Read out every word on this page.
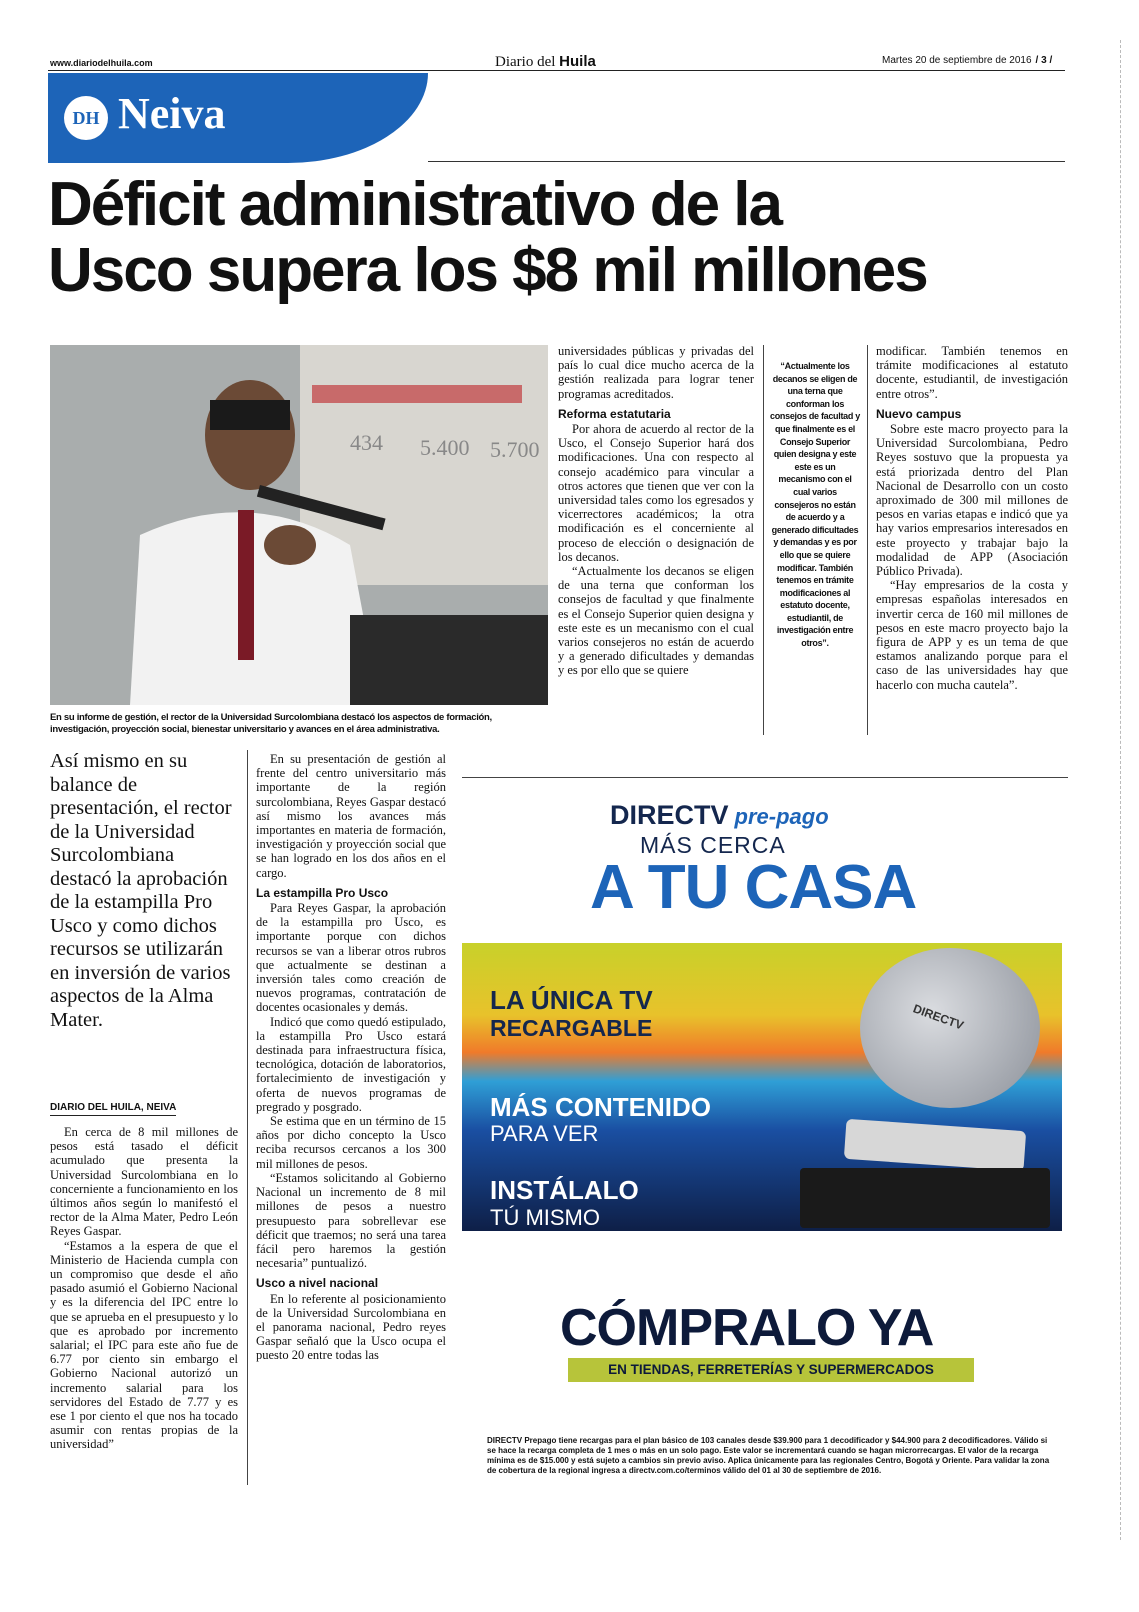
www.diariodelhuila.com	Diario del Huila	Martes 20 de septiembre de 2016 / 3 /
DH Neiva
Déficit administrativo de la
Usco supera los $8 mil millones
434 5.400 5.700
En su informe de gestión, el rector de la Universidad Surcolombiana destacó los aspectos de formación, investigación, proyección social, bienestar universitario y avances en el área administrativa.
Así mismo en su balance de presentación, el rector de la Universidad Surcolombiana destacó la aprobación de la estampilla Pro Usco y como dichos recursos se utilizarán en inversión de varios aspectos de la Alma Mater.
DIARIO DEL HUILA, NEIVA

En cerca de 8 mil millones de pesos está tasado el déficit acumulado que presenta la Universidad Surcolombiana en lo concerniente a funcionamiento en los últimos años según lo manifestó el rector de la Alma Mater, Pedro León Reyes Gaspar.

“Estamos a la espera de que el Ministerio de Hacienda cumpla con un compromiso que desde el año pasado asumió el Gobierno Nacional y es la diferencia del IPC entre lo que se aprueba en el presupuesto y lo que es aprobado por incremento salarial; el IPC para este año fue de 6.77 por ciento sin embargo el Gobierno Nacional autorizó un incremento salarial para los servidores del Estado de 7.77 y es ese 1 por ciento el que nos ha tocado asumir con rentas propias de la universidad”

En su presentación de gestión al frente del centro universitario más importante de la región surcolombiana, Reyes Gaspar destacó así mismo los avances más importantes en materia de formación, investigación y proyección social que se han logrado en los dos años en el cargo.

La estampilla Pro Usco

Para Reyes Gaspar, la aprobación de la estampilla pro Usco, es importante porque con dichos recursos se van a liberar otros rubros que actualmente se destinan a inversión tales como creación de nuevos programas, contratación de docentes ocasionales y demás.

Indicó que como quedó estipulado, la estampilla Pro Usco estará destinada para infraestructura física, tecnológica, dotación de laboratorios, fortalecimiento de investigación y oferta de nuevos programas de pregrado y posgrado.

Se estima que en un término de 15 años por dicho concepto la Usco reciba recursos cercanos a los 300 mil millones de pesos.

“Estamos solicitando al Gobierno Nacional un incremento de 8 mil millones de pesos a nuestro presupuesto para sobrellevar ese déficit que traemos; no será una tarea fácil pero haremos la gestión necesaria” puntualizó.

Usco a nivel nacional

En lo referente al posicionamiento de la Universidad Surcolombiana en el panorama nacional, Pedro reyes Gaspar señaló que la Usco ocupa el puesto 20 entre todas las

universidades públicas y privadas del país lo cual dice mucho acerca de la gestión realizada para lograr tener programas acreditados.

Reforma estatutaria

Por ahora de acuerdo al rector de la Usco, el Consejo Superior hará dos modificaciones. Una con respecto al consejo académico para vincular a otros actores que tienen que ver con la universidad tales como los egresados y vicerrectores académicos; la otra modificación es el concerniente al proceso de elección o designación de los decanos.

“Actualmente los decanos se eligen de una terna que conforman los consejos de facultad y que finalmente es el Consejo Superior quien designa y este este es un mecanismo con el cual varios consejeros no están de acuerdo y a generado dificultades y demandas y es por ello que se quiere

“Actualmente los decanos se eligen de una terna que conforman los consejos de facultad y que finalmente es el Consejo Superior quien designa y este este es un mecanismo con el cual varios consejeros no están de acuerdo y a generado dificultades y demandas y es por ello que se quiere modificar. También tenemos en trámite modificaciones al estatuto docente, estudiantil, de investigación entre otros”.

modificar. También tenemos en trámite modificaciones al estatuto docente, estudiantil, de investigación entre otros”.

Nuevo campus

Sobre este macro proyecto para la Universidad Surcolombiana, Pedro Reyes sostuvo que la propuesta ya está priorizada dentro del Plan Nacional de Desarrollo con un costo aproximado de 300 mil millones de pesos en varias etapas e indicó que ya hay varios empresarios interesados en este proyecto y trabajar bajo la modalidad de APP (Asociación Público Privada).

“Hay empresarios de la costa y empresas españolas interesados en invertir cerca de 160 mil millones de pesos en este macro proyecto bajo la figura de APP y es un tema de que estamos analizando porque para el caso de las universidades hay que hacerlo con mucha cautela”.

DIRECTV pre-pago
MÁS CERCA
A TU CASA
LA ÚNICA TV
RECARGABLE
MÁS CONTENIDO
PARA VER
INSTÁLALO
TÚ MISMO
DIRECTV
CÓMPRALO YA
EN TIENDAS, FERRETERÍAS Y SUPERMERCADOS
DIRECTV Prepago tiene recargas para el plan básico de 103 canales desde $39.900 para 1 decodificador y $44.900 para 2 decodificadores. Válido si se hace la recarga completa de 1 mes o más en un solo pago. Este valor se incrementará cuando se hagan microrrecargas. El valor de la recarga mínima es de $15.000 y está sujeto a cambios sin previo aviso. Aplica únicamente para las regionales Centro, Bogotá y Oriente. Para validar la zona de cobertura de la regional ingresa a directv.com.co/terminos válido del 01 al 30 de septiembre de 2016.
